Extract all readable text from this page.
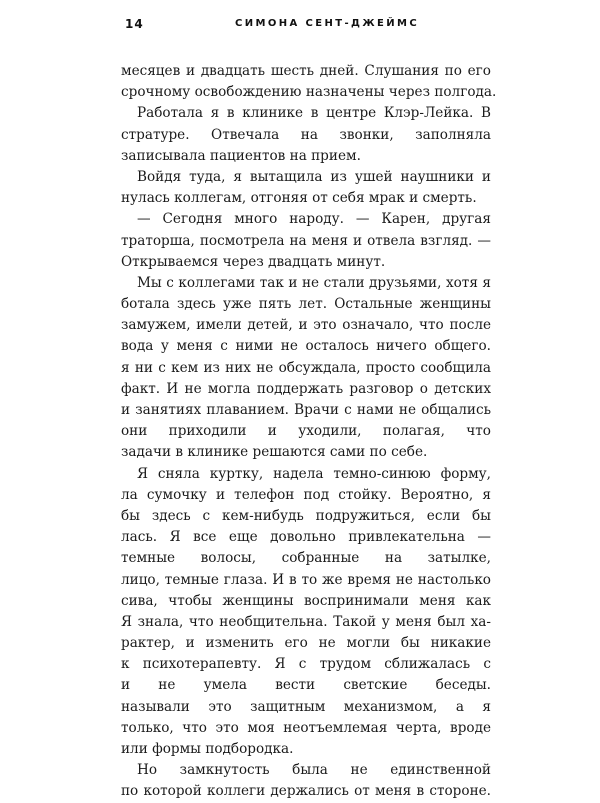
14	СИМОНА СЕНТ-ДЖЕЙМС
месяцев и двадцать шесть дней. Слушания по его
срочному освобождению назначены через полгода.
Работала я в клинике в центре Клэр-Лейка. В
стратуре. Отвечала на звонки, заполняла
записывала пациентов на прием.
Войдя туда, я вытащила из ушей наушники и
нулась коллегам, отгоняя от себя мрак и смерть.
— Сегодня много народу. — Карен, другая
траторша, посмотрела на меня и отвела взгляд. —
Открываемся через двадцать минут.
Мы с коллегами так и не стали друзьями, хотя я
ботала здесь уже пять лет. Остальные женщины
замужем, имели детей, и это означало, что после
вода у меня с ними не осталось ничего общего.
я ни с кем из них не обсуждала, просто сообщила
факт. И не могла поддержать разговор о детских
и занятиях плаванием. Врачи с нами не общались
они приходили и уходили, полагая, что
задачи в клинике решаются сами по себе.
Я сняла куртку, надела темно-синюю форму,
ла сумочку и телефон под стойку. Вероятно, я
бы здесь с кем-нибудь подружиться, если бы
лась. Я все еще довольно привлекательна —
темные волосы, собранные на затылке,
лицо, темные глаза. И в то же время не настолько
сива, чтобы женщины воспринимали меня как
Я знала, что необщительна. Такой у меня был ха-
рактер, и изменить его не могли бы никакие
к психотерапевту. Я с трудом сближалась с
и не умела вести светские беседы.
называли это защитным механизмом, а я
только, что это моя неотъемлемая черта, вроде
или формы подбородка.
Но замкнутость была не единственной
по которой коллеги держались от меня в стороне.
